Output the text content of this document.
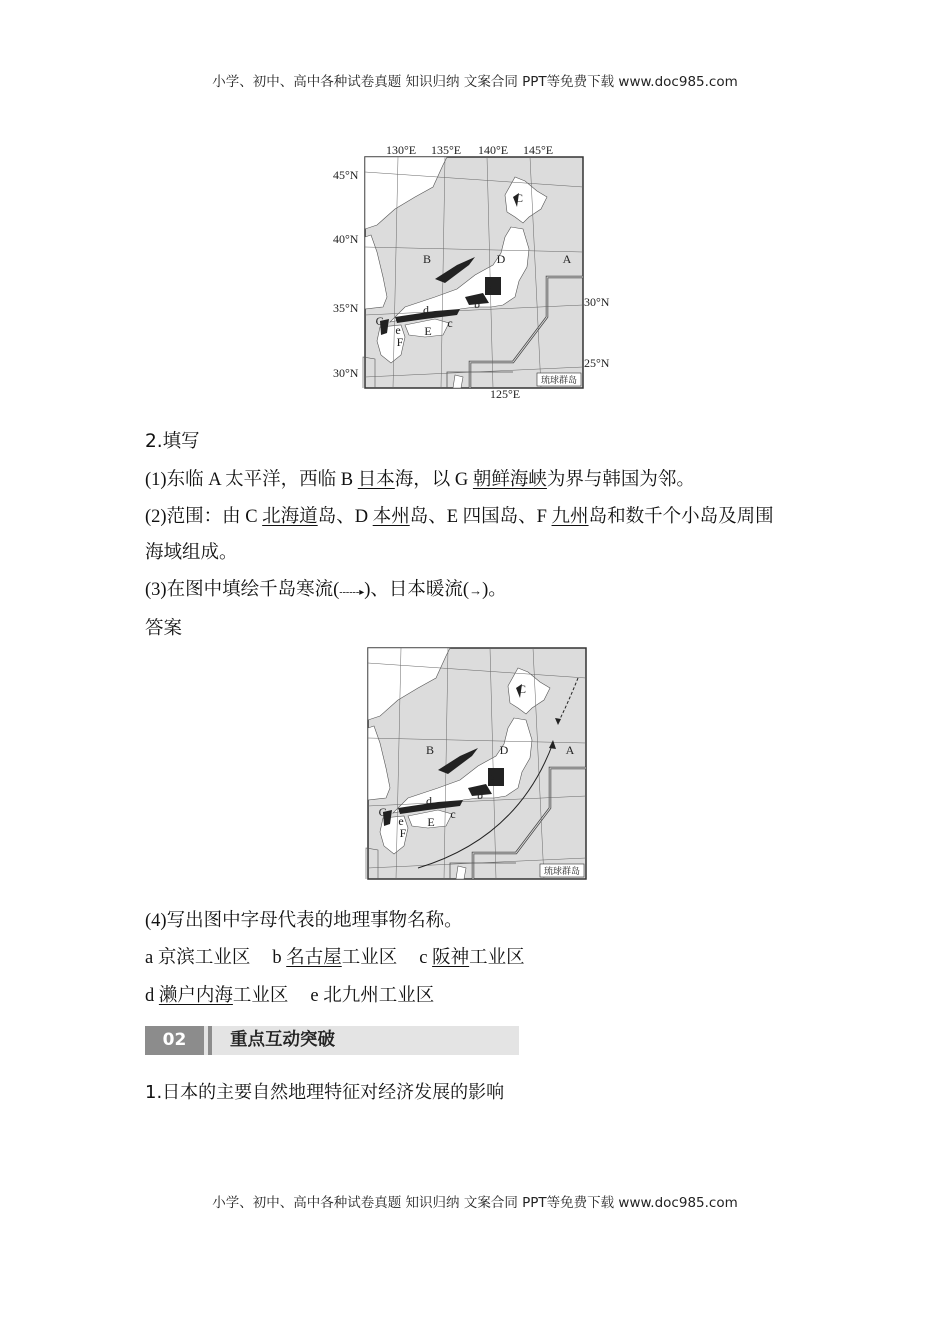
小学、初中、高中各种试卷真题 知识归纳 文案合同 PPT等免费下载 www.doc985.com
琉球群岛
C
B	D	A
a
b
d
c
E
G
e
F
130°E 135°E 140°E 145°E
45°N
40°N
35°N
30°N
30°N
25°N
125°E
2.填写
(1)东临 A 太平洋，西临 B 日本海，以 G 朝鲜海峡为界与韩国为邻。
(2)范围：由 C 北海道岛、D 本州岛、E 四国岛、F 九州岛和数千个小岛及周围
海域组成。
(3)在图中填绘千岛寒流(------▸)、日本暖流(→)。
答案
琉球群岛
C
B	D	A
a
b
d
c
E
G
e
F
(4)写出图中字母代表的地理事物名称。
a 京滨工业区 b 名古屋工业区 c 阪神工业区
d 濑户内海工业区 e 北九州工业区
02	重点互动突破
1.日本的主要自然地理特征对经济发展的影响
小学、初中、高中各种试卷真题 知识归纳 文案合同 PPT等免费下载 www.doc985.com
